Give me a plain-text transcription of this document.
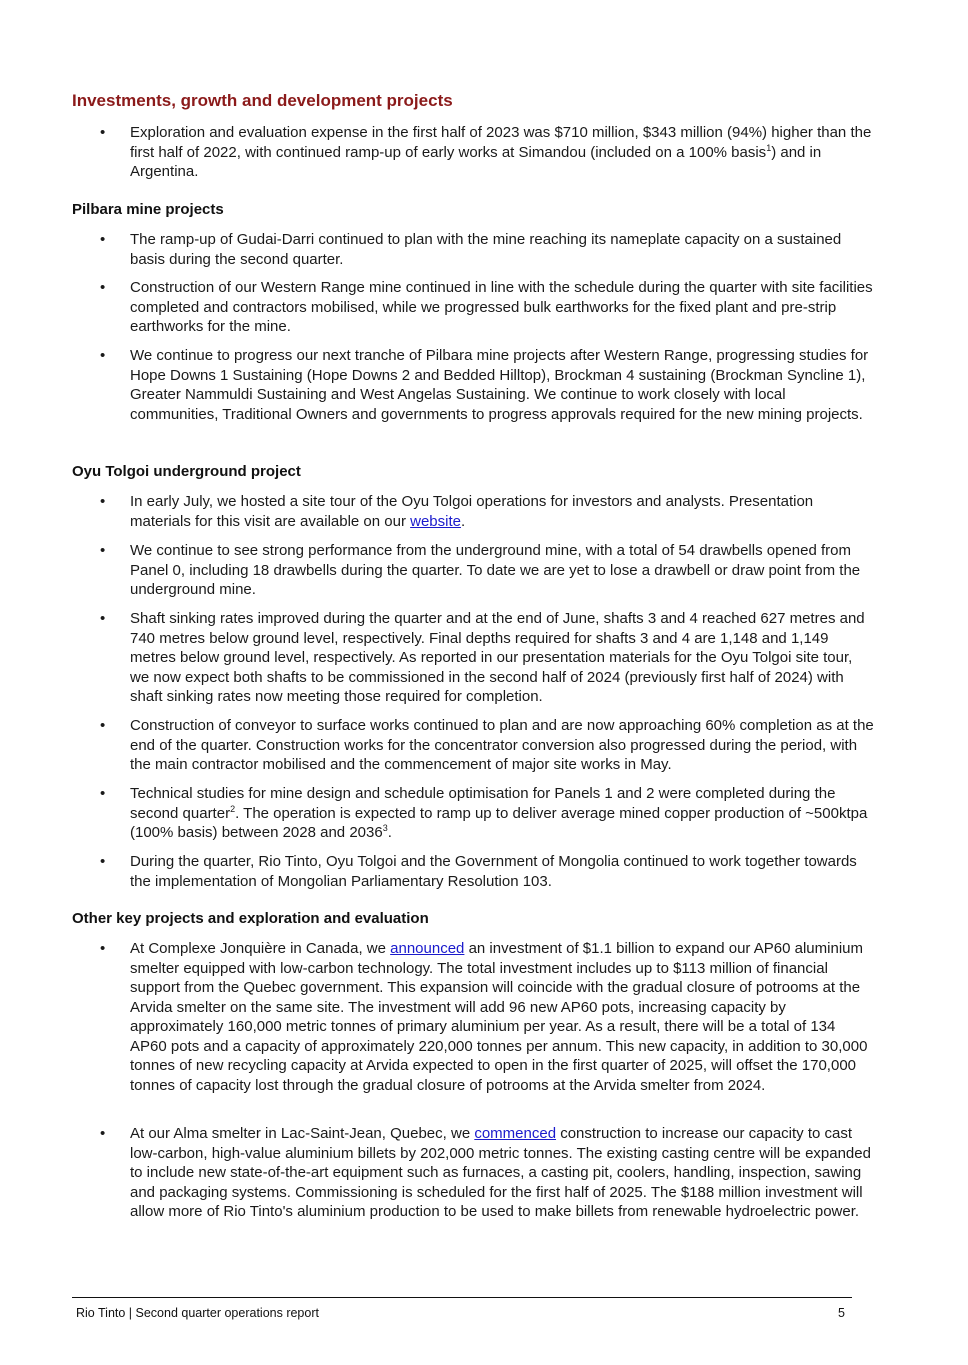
Investments, growth and development projects
•	Exploration and evaluation expense in the first half of 2023 was $710 million, $343 million (94%) higher than the first half of 2022, with continued ramp-up of early works at Simandou (included on a 100% basis$^1$) and in Argentina.
Pilbara mine projects
•	The ramp-up of Gudai-Darri continued to plan with the mine reaching its nameplate capacity on a sustained basis during the second quarter.
•	Construction of our Western Range mine continued in line with the schedule during the quarter with site facilities completed and contractors mobilised, while we progressed bulk earthworks for the fixed plant and pre-strip earthworks for the mine.
•	We continue to progress our next tranche of Pilbara mine projects after Western Range, progressing studies for Hope Downs 1 Sustaining (Hope Downs 2 and Bedded Hilltop), Brockman 4 sustaining (Brockman Syncline 1), Greater Nammuldi Sustaining and West Angelas Sustaining. We continue to work closely with local communities, Traditional Owners and governments to progress approvals required for the new mining projects.
Oyu Tolgoi underground project
•	In early July, we hosted a site tour of the Oyu Tolgoi operations for investors and analysts. Presentation materials for this visit are available on our website.
•	We continue to see strong performance from the underground mine, with a total of 54 drawbells opened from Panel 0, including 18 drawbells during the quarter. To date we are yet to lose a drawbell or draw point from the underground mine.
•	Shaft sinking rates improved during the quarter and at the end of June, shafts 3 and 4 reached 627 metres and 740 metres below ground level, respectively. Final depths required for shafts 3 and 4 are 1,148 and 1,149 metres below ground level, respectively. As reported in our presentation materials for the Oyu Tolgoi site tour, we now expect both shafts to be commissioned in the second half of 2024 (previously first half of 2024) with shaft sinking rates now meeting those required for completion.
•	Construction of conveyor to surface works continued to plan and are now approaching 60% completion as at the end of the quarter. Construction works for the concentrator conversion also progressed during the period, with the main contractor mobilised and the commencement of major site works in May.
•	Technical studies for mine design and schedule optimisation for Panels 1 and 2 were completed during the second quarter$^2$. The operation is expected to ramp up to deliver average mined copper production of ~500ktpa (100% basis) between 2028 and 2036$^3$.
•	During the quarter, Rio Tinto, Oyu Tolgoi and the Government of Mongolia continued to work together towards the implementation of Mongolian Parliamentary Resolution 103.
Other key projects and exploration and evaluation
•	At Complexe Jonquière in Canada, we announced an investment of $1.1 billion to expand our AP60 aluminium smelter equipped with low-carbon technology. The total investment includes up to $113 million of financial support from the Quebec government. This expansion will coincide with the gradual closure of potrooms at the Arvida smelter on the same site. The investment will add 96 new AP60 pots, increasing capacity by approximately 160,000 metric tonnes of primary aluminium per year. As a result, there will be a total of 134 AP60 pots and a capacity of approximately 220,000 tonnes per annum. This new capacity, in addition to 30,000 tonnes of new recycling capacity at Arvida expected to open in the first quarter of 2025, will offset the 170,000 tonnes of capacity lost through the gradual closure of potrooms at the Arvida smelter from 2024.
•	At our Alma smelter in Lac-Saint-Jean, Quebec, we commenced construction to increase our capacity to cast low-carbon, high-value aluminium billets by 202,000 metric tonnes. The existing casting centre will be expanded to include new state-of-the-art equipment such as furnaces, a casting pit, coolers, handling, inspection, sawing and packaging systems. Commissioning is scheduled for the first half of 2025. The $188 million investment will allow more of Rio Tinto's aluminium production to be used to make billets from renewable hydroelectric power.
Rio Tinto | Second quarter operations report	5
